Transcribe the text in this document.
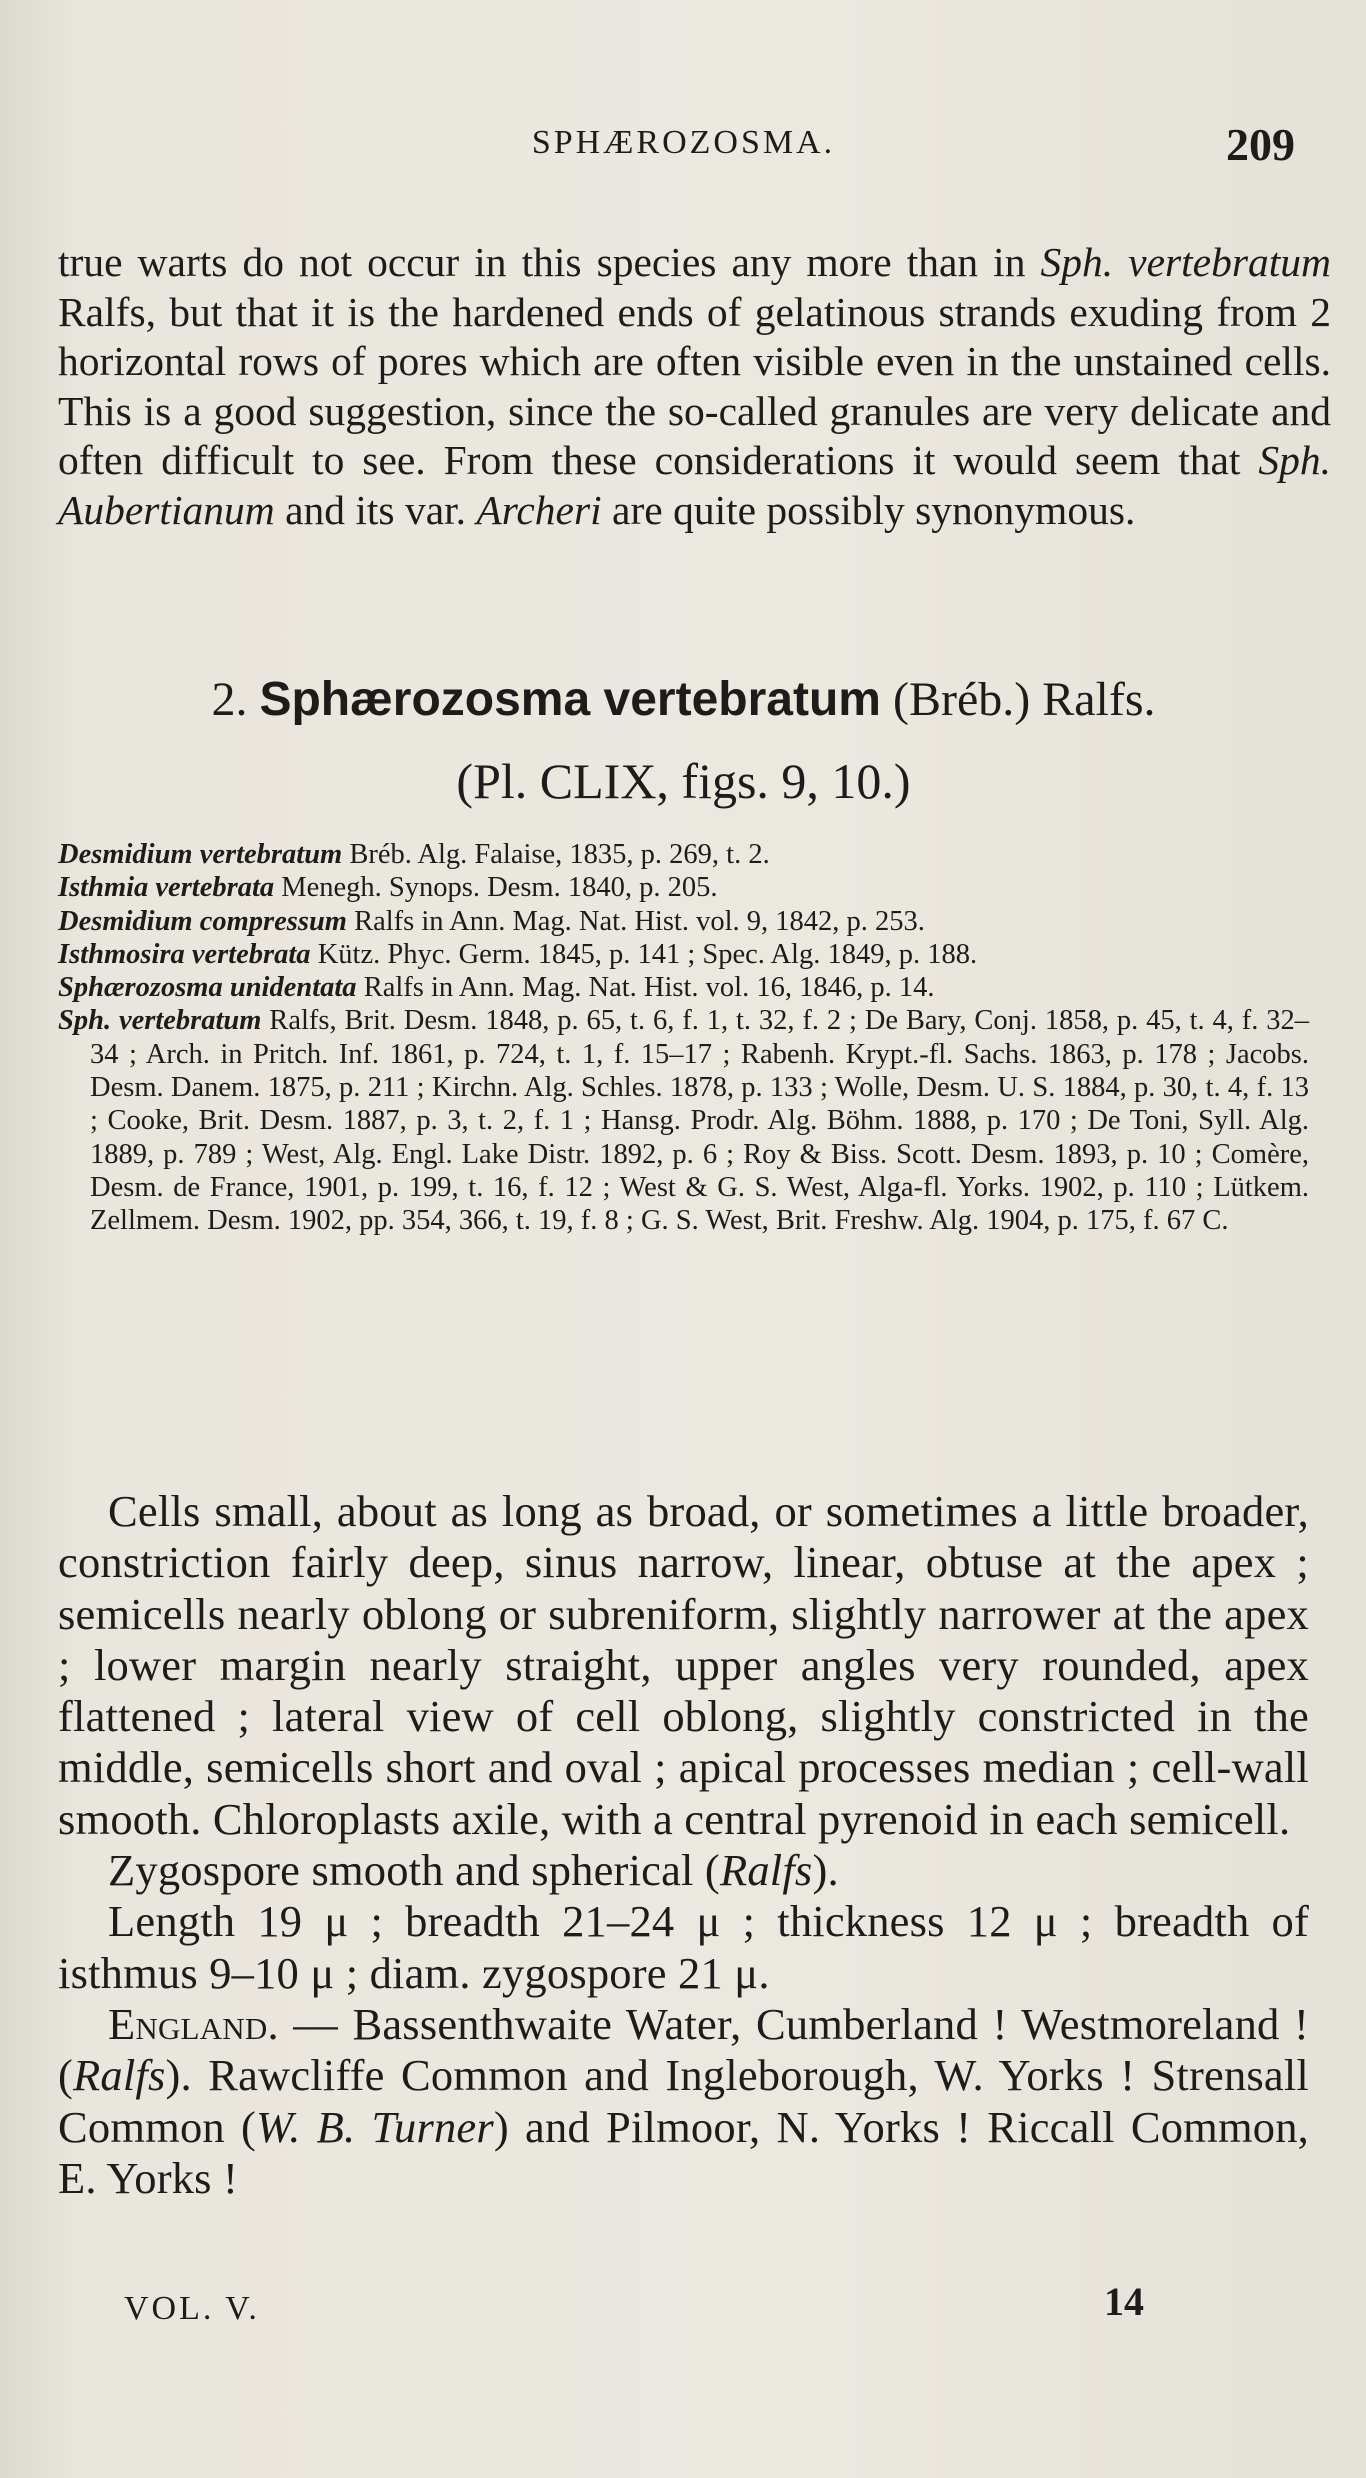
SPHÆROZOSMA.	209

true warts do not occur in this species any more than in Sph. vertebratum Ralfs, but that it is the hardened ends of gelatinous strands exuding from 2 horizontal rows of pores which are often visible even in the unstained cells. This is a good suggestion, since the so-called granules are very delicate and often difficult to see. From these considerations it would seem that Sph. Aubertianum and its var. Archeri are quite possibly synonymous.

2. Sphærozosma vertebratum (Bréb.) Ralfs.
(Pl. CLIX, figs. 9, 10.)
Desmidium vertebratum Bréb. Alg. Falaise, 1835, p. 269, t. 2.
Isthmia vertebrata Menegh. Synops. Desm. 1840, p. 205.
Desmidium compressum Ralfs in Ann. Mag. Nat. Hist. vol. 9, 1842, p. 253.
Isthmosira vertebrata Kütz. Phyc. Germ. 1845, p. 141 ; Spec. Alg. 1849, p. 188.
Sphærozosma unidentata Ralfs in Ann. Mag. Nat. Hist. vol. 16, 1846, p. 14.
Sph. vertebratum Ralfs, Brit. Desm. 1848, p. 65, t. 6, f. 1, t. 32, f. 2 ; De Bary, Conj. 1858, p. 45, t. 4, f. 32–34 ; Arch. in Pritch. Inf. 1861, p. 724, t. 1, f. 15–17 ; Rabenh. Krypt.-fl. Sachs. 1863, p. 178 ; Jacobs. Desm. Danem. 1875, p. 211 ; Kirchn. Alg. Schles. 1878, p. 133 ; Wolle, Desm. U. S. 1884, p. 30, t. 4, f. 13 ; Cooke, Brit. Desm. 1887, p. 3, t. 2, f. 1 ; Hansg. Prodr. Alg. Böhm. 1888, p. 170 ; De Toni, Syll. Alg. 1889, p. 789 ; West, Alg. Engl. Lake Distr. 1892, p. 6 ; Roy & Biss. Scott. Desm. 1893, p. 10 ; Comère, Desm. de France, 1901, p. 199, t. 16, f. 12 ; West & G. S. West, Alga-fl. Yorks. 1902, p. 110 ; Lütkem. Zellmem. Desm. 1902, pp. 354, 366, t. 19, f. 8 ; G. S. West, Brit. Freshw. Alg. 1904, p. 175, f. 67 C.

Cells small, about as long as broad, or sometimes a little broader, constriction fairly deep, sinus narrow, linear, obtuse at the apex ; semicells nearly oblong or subreniform, slightly narrower at the apex ; lower margin nearly straight, upper angles very rounded, apex flattened ; lateral view of cell oblong, slightly constricted in the middle, semicells short and oval ; apical processes median ; cell-wall smooth. Chloroplasts axile, with a central pyrenoid in each semicell.

Zygospore smooth and spherical (Ralfs).

Length 19 μ ; breadth 21–24 μ ; thickness 12 μ ; breadth of isthmus 9–10 μ ; diam. zygospore 21 μ.

England. — Bassenthwaite Water, Cumberland ! Westmoreland ! (Ralfs). Rawcliffe Common and Ingleborough, W. Yorks ! Strensall Common (W. B. Turner) and Pilmoor, N. Yorks ! Riccall Common, E. Yorks !

VOL. V.	14
